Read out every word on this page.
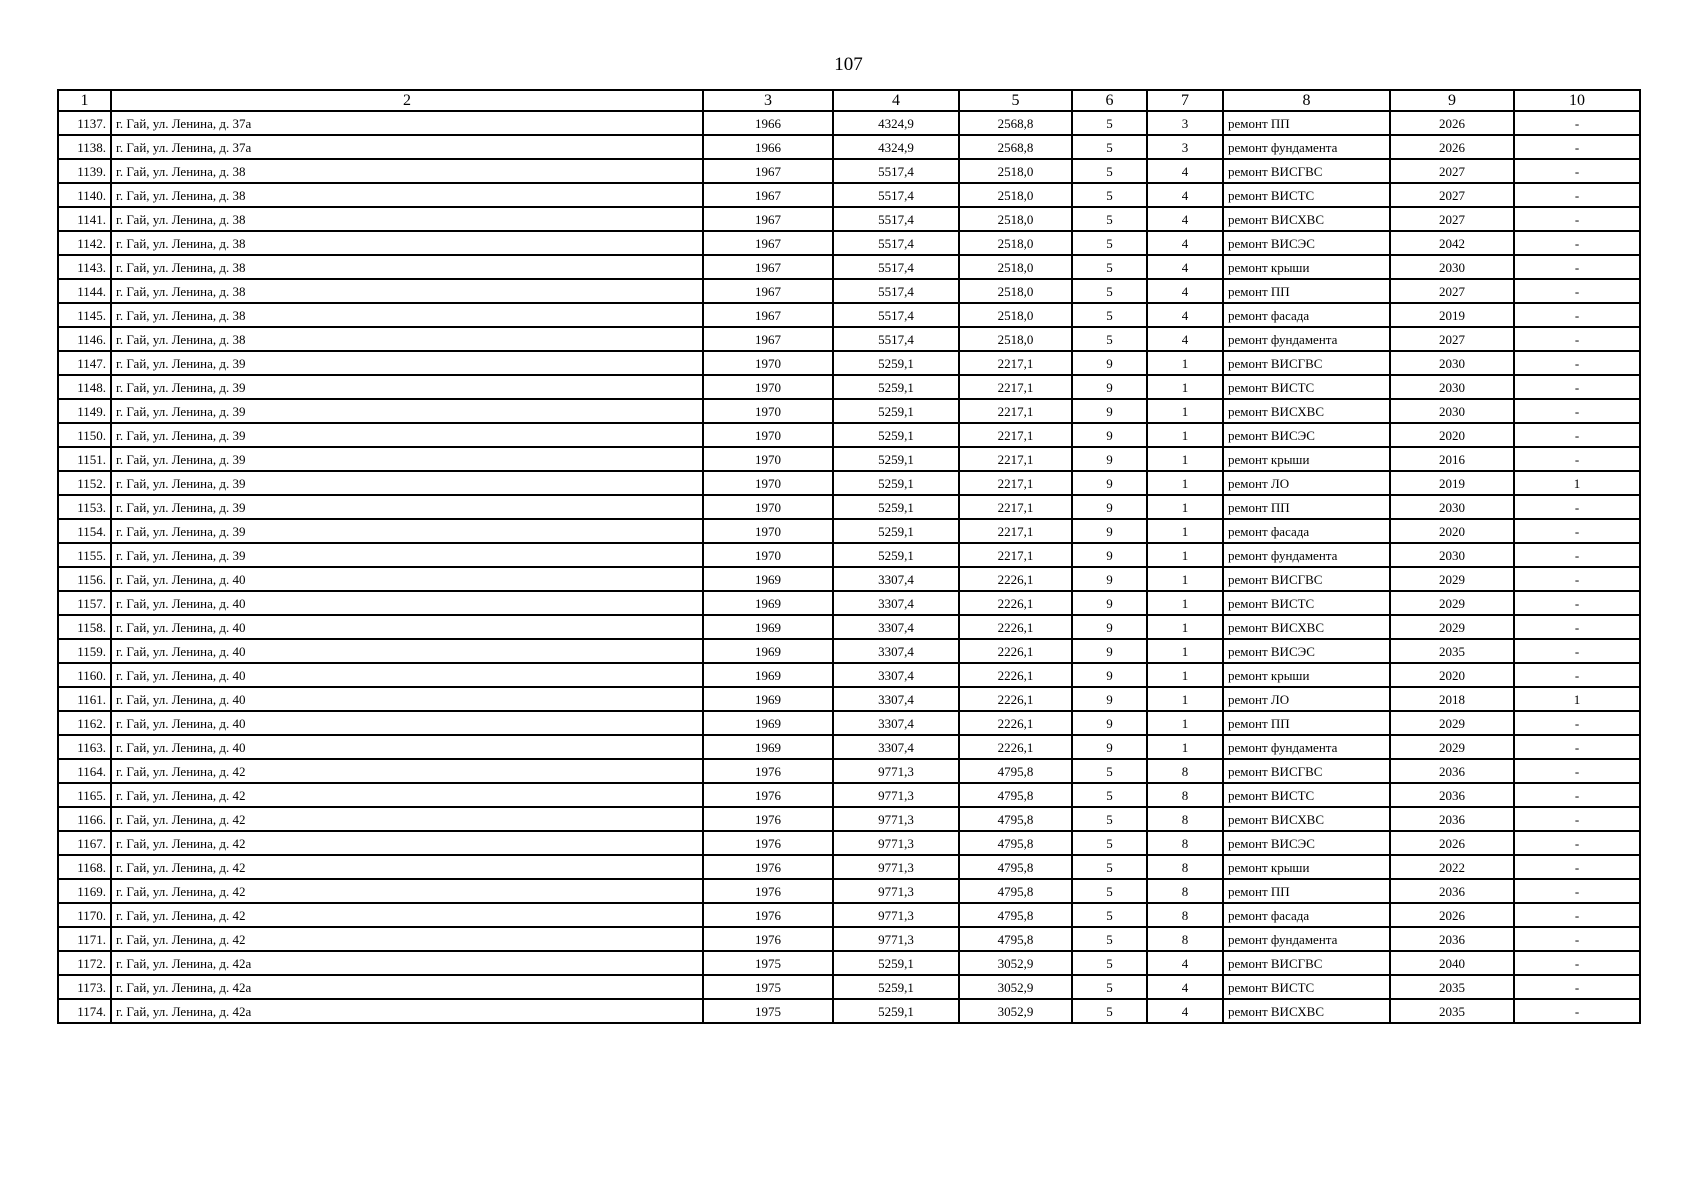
107
1	2	3	4	5	6	7	8	9	10
1137.	г. Гай, ул. Ленина, д. 37а	1966	4324,9	2568,8	5	3	ремонт ПП	2026	-
1138.	г. Гай, ул. Ленина, д. 37а	1966	4324,9	2568,8	5	3	ремонт фундамента	2026	-
1139.	г. Гай, ул. Ленина, д. 38	1967	5517,4	2518,0	5	4	ремонт ВИСГВС	2027	-
1140.	г. Гай, ул. Ленина, д. 38	1967	5517,4	2518,0	5	4	ремонт ВИСТС	2027	-
1141.	г. Гай, ул. Ленина, д. 38	1967	5517,4	2518,0	5	4	ремонт ВИСХВС	2027	-
1142.	г. Гай, ул. Ленина, д. 38	1967	5517,4	2518,0	5	4	ремонт ВИСЭС	2042	-
1143.	г. Гай, ул. Ленина, д. 38	1967	5517,4	2518,0	5	4	ремонт крыши	2030	-
1144.	г. Гай, ул. Ленина, д. 38	1967	5517,4	2518,0	5	4	ремонт ПП	2027	-
1145.	г. Гай, ул. Ленина, д. 38	1967	5517,4	2518,0	5	4	ремонт фасада	2019	-
1146.	г. Гай, ул. Ленина, д. 38	1967	5517,4	2518,0	5	4	ремонт фундамента	2027	-
1147.	г. Гай, ул. Ленина, д. 39	1970	5259,1	2217,1	9	1	ремонт ВИСГВС	2030	-
1148.	г. Гай, ул. Ленина, д. 39	1970	5259,1	2217,1	9	1	ремонт ВИСТС	2030	-
1149.	г. Гай, ул. Ленина, д. 39	1970	5259,1	2217,1	9	1	ремонт ВИСХВС	2030	-
1150.	г. Гай, ул. Ленина, д. 39	1970	5259,1	2217,1	9	1	ремонт ВИСЭС	2020	-
1151.	г. Гай, ул. Ленина, д. 39	1970	5259,1	2217,1	9	1	ремонт крыши	2016	-
1152.	г. Гай, ул. Ленина, д. 39	1970	5259,1	2217,1	9	1	ремонт ЛО	2019	1
1153.	г. Гай, ул. Ленина, д. 39	1970	5259,1	2217,1	9	1	ремонт ПП	2030	-
1154.	г. Гай, ул. Ленина, д. 39	1970	5259,1	2217,1	9	1	ремонт фасада	2020	-
1155.	г. Гай, ул. Ленина, д. 39	1970	5259,1	2217,1	9	1	ремонт фундамента	2030	-
1156.	г. Гай, ул. Ленина, д. 40	1969	3307,4	2226,1	9	1	ремонт ВИСГВС	2029	-
1157.	г. Гай, ул. Ленина, д. 40	1969	3307,4	2226,1	9	1	ремонт ВИСТС	2029	-
1158.	г. Гай, ул. Ленина, д. 40	1969	3307,4	2226,1	9	1	ремонт ВИСХВС	2029	-
1159.	г. Гай, ул. Ленина, д. 40	1969	3307,4	2226,1	9	1	ремонт ВИСЭС	2035	-
1160.	г. Гай, ул. Ленина, д. 40	1969	3307,4	2226,1	9	1	ремонт крыши	2020	-
1161.	г. Гай, ул. Ленина, д. 40	1969	3307,4	2226,1	9	1	ремонт ЛО	2018	1
1162.	г. Гай, ул. Ленина, д. 40	1969	3307,4	2226,1	9	1	ремонт ПП	2029	-
1163.	г. Гай, ул. Ленина, д. 40	1969	3307,4	2226,1	9	1	ремонт фундамента	2029	-
1164.	г. Гай, ул. Ленина, д. 42	1976	9771,3	4795,8	5	8	ремонт ВИСГВС	2036	-
1165.	г. Гай, ул. Ленина, д. 42	1976	9771,3	4795,8	5	8	ремонт ВИСТС	2036	-
1166.	г. Гай, ул. Ленина, д. 42	1976	9771,3	4795,8	5	8	ремонт ВИСХВС	2036	-
1167.	г. Гай, ул. Ленина, д. 42	1976	9771,3	4795,8	5	8	ремонт ВИСЭС	2026	-
1168.	г. Гай, ул. Ленина, д. 42	1976	9771,3	4795,8	5	8	ремонт крыши	2022	-
1169.	г. Гай, ул. Ленина, д. 42	1976	9771,3	4795,8	5	8	ремонт ПП	2036	-
1170.	г. Гай, ул. Ленина, д. 42	1976	9771,3	4795,8	5	8	ремонт фасада	2026	-
1171.	г. Гай, ул. Ленина, д. 42	1976	9771,3	4795,8	5	8	ремонт фундамента	2036	-
1172.	г. Гай, ул. Ленина, д. 42а	1975	5259,1	3052,9	5	4	ремонт ВИСГВС	2040	-
1173.	г. Гай, ул. Ленина, д. 42а	1975	5259,1	3052,9	5	4	ремонт ВИСТС	2035	-
1174.	г. Гай, ул. Ленина, д. 42а	1975	5259,1	3052,9	5	4	ремонт ВИСХВС	2035	-
